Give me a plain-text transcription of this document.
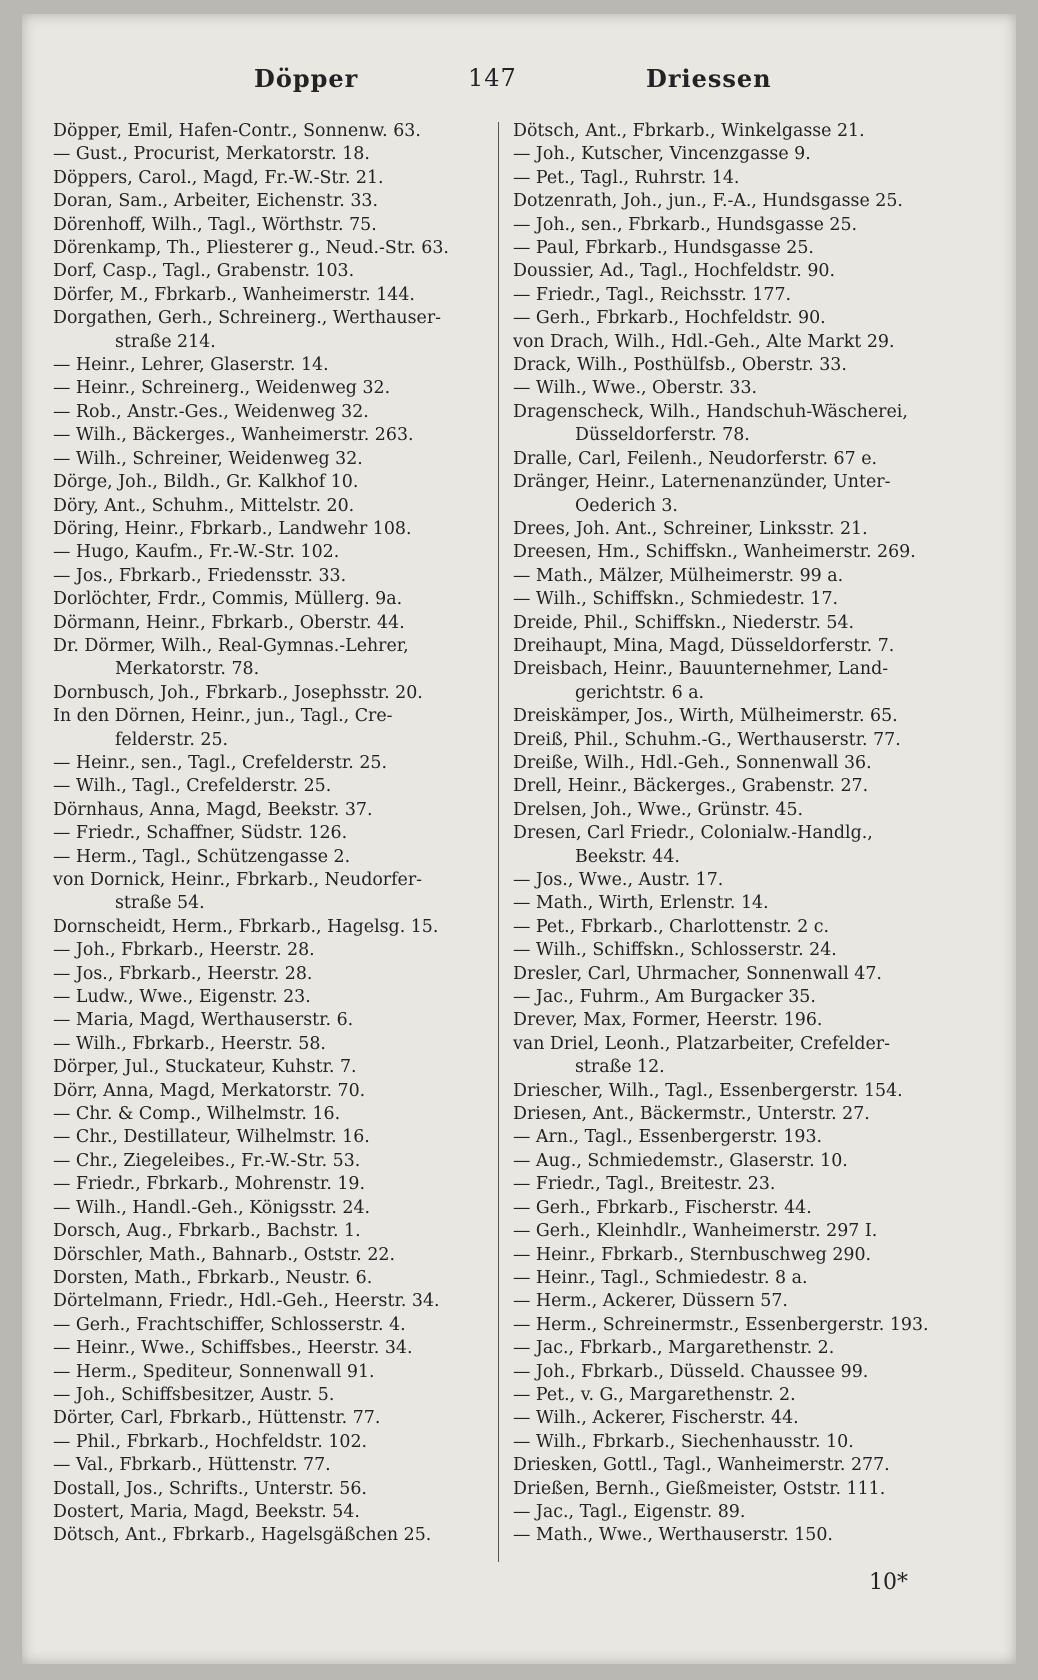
Döpper	147	Driessen
Döpper, Emil, Hafen-Contr., Sonnenw. 63.
— Gust., Procurist, Merkatorstr. 18.
Döppers, Carol., Magd, Fr.-W.-Str. 21.
Doran, Sam., Arbeiter, Eichenstr. 33.
Dörenhoff, Wilh., Tagl., Wörthstr. 75.
Dörenkamp, Th., Pliesterer g., Neud.-Str. 63.
Dorf, Casp., Tagl., Grabenstr. 103.
Dörfer, M., Fbrkarb., Wanheimerstr. 144.
Dorgathen, Gerh., Schreinerg., Werthauser-
straße 214.
— Heinr., Lehrer, Glaserstr. 14.
— Heinr., Schreinerg., Weidenweg 32.
— Rob., Anstr.-Ges., Weidenweg 32.
— Wilh., Bäckerges., Wanheimerstr. 263.
— Wilh., Schreiner, Weidenweg 32.
Dörge, Joh., Bildh., Gr. Kalkhof 10.
Döry, Ant., Schuhm., Mittelstr. 20.
Döring, Heinr., Fbrkarb., Landwehr 108.
— Hugo, Kaufm., Fr.-W.-Str. 102.
— Jos., Fbrkarb., Friedensstr. 33.
Dorlöchter, Frdr., Commis, Müllerg. 9a.
Dörmann, Heinr., Fbrkarb., Oberstr. 44.
Dr. Dörmer, Wilh., Real-Gymnas.-Lehrer,
Merkatorstr. 78.
Dornbusch, Joh., Fbrkarb., Josephsstr. 20.
In den Dörnen, Heinr., jun., Tagl., Cre-
felderstr. 25.
— Heinr., sen., Tagl., Crefelderstr. 25.
— Wilh., Tagl., Crefelderstr. 25.
Dörnhaus, Anna, Magd, Beekstr. 37.
— Friedr., Schaffner, Südstr. 126.
— Herm., Tagl., Schützengasse 2.
von Dornick, Heinr., Fbrkarb., Neudorfer-
straße 54.
Dornscheidt, Herm., Fbrkarb., Hagelsg. 15.
— Joh., Fbrkarb., Heerstr. 28.
— Jos., Fbrkarb., Heerstr. 28.
— Ludw., Wwe., Eigenstr. 23.
— Maria, Magd, Werthauserstr. 6.
— Wilh., Fbrkarb., Heerstr. 58.
Dörper, Jul., Stuckateur, Kuhstr. 7.
Dörr, Anna, Magd, Merkatorstr. 70.
— Chr. & Comp., Wilhelmstr. 16.
— Chr., Destillateur, Wilhelmstr. 16.
— Chr., Ziegeleibes., Fr.-W.-Str. 53.
— Friedr., Fbrkarb., Mohrenstr. 19.
— Wilh., Handl.-Geh., Königsstr. 24.
Dorsch, Aug., Fbrkarb., Bachstr. 1.
Dörschler, Math., Bahnarb., Oststr. 22.
Dorsten, Math., Fbrkarb., Neustr. 6.
Dörtelmann, Friedr., Hdl.-Geh., Heerstr. 34.
— Gerh., Frachtschiffer, Schlosserstr. 4.
— Heinr., Wwe., Schiffsbes., Heerstr. 34.
— Herm., Spediteur, Sonnenwall 91.
— Joh., Schiffsbesitzer, Austr. 5.
Dörter, Carl, Fbrkarb., Hüttenstr. 77.
— Phil., Fbrkarb., Hochfeldstr. 102.
— Val., Fbrkarb., Hüttenstr. 77.
Dostall, Jos., Schrifts., Unterstr. 56.
Dostert, Maria, Magd, Beekstr. 54.
Dötsch, Ant., Fbrkarb., Hagelsgäßchen 25.
Dötsch, Ant., Fbrkarb., Winkelgasse 21.
— Joh., Kutscher, Vincenzgasse 9.
— Pet., Tagl., Ruhrstr. 14.
Dotzenrath, Joh., jun., F.-A., Hundsgasse 25.
— Joh., sen., Fbrkarb., Hundsgasse 25.
— Paul, Fbrkarb., Hundsgasse 25.
Doussier, Ad., Tagl., Hochfeldstr. 90.
— Friedr., Tagl., Reichsstr. 177.
— Gerh., Fbrkarb., Hochfeldstr. 90.
von Drach, Wilh., Hdl.-Geh., Alte Markt 29.
Drack, Wilh., Posthülfsb., Oberstr. 33.
— Wilh., Wwe., Oberstr. 33.
Dragenscheck, Wilh., Handschuh-Wäscherei,
Düsseldorferstr. 78.
Dralle, Carl, Feilenh., Neudorferstr. 67 e.
Dränger, Heinr., Laternenanzünder, Unter-
Oederich 3.
Drees, Joh. Ant., Schreiner, Linksstr. 21.
Dreesen, Hm., Schiffskn., Wanheimerstr. 269.
— Math., Mälzer, Mülheimerstr. 99 a.
— Wilh., Schiffskn., Schmiedestr. 17.
Dreide, Phil., Schiffskn., Niederstr. 54.
Dreihaupt, Mina, Magd, Düsseldorferstr. 7.
Dreisbach, Heinr., Bauunternehmer, Land-
gerichtstr. 6 a.
Dreiskämper, Jos., Wirth, Mülheimerstr. 65.
Dreiß, Phil., Schuhm.-G., Werthauserstr. 77.
Dreiße, Wilh., Hdl.-Geh., Sonnenwall 36.
Drell, Heinr., Bäckerges., Grabenstr. 27.
Drelsen, Joh., Wwe., Grünstr. 45.
Dresen, Carl Friedr., Colonialw.-Handlg.,
Beekstr. 44.
— Jos., Wwe., Austr. 17.
— Math., Wirth, Erlenstr. 14.
— Pet., Fbrkarb., Charlottenstr. 2 c.
— Wilh., Schiffskn., Schlosserstr. 24.
Dresler, Carl, Uhrmacher, Sonnenwall 47.
— Jac., Fuhrm., Am Burgacker 35.
Drever, Max, Former, Heerstr. 196.
van Driel, Leonh., Platzarbeiter, Crefelder-
straße 12.
Driescher, Wilh., Tagl., Essenbergerstr. 154.
Driesen, Ant., Bäckermstr., Unterstr. 27.
— Arn., Tagl., Essenbergerstr. 193.
— Aug., Schmiedemstr., Glaserstr. 10.
— Friedr., Tagl., Breitestr. 23.
— Gerh., Fbrkarb., Fischerstr. 44.
— Gerh., Kleinhdlr., Wanheimerstr. 297 I.
— Heinr., Fbrkarb., Sternbuschweg 290.
— Heinr., Tagl., Schmiedestr. 8 a.
— Herm., Ackerer, Düssern 57.
— Herm., Schreinermstr., Essenbergerstr. 193.
— Jac., Fbrkarb., Margarethenstr. 2.
— Joh., Fbrkarb., Düsseld. Chaussee 99.
— Pet., v. G., Margarethenstr. 2.
— Wilh., Ackerer, Fischerstr. 44.
— Wilh., Fbrkarb., Siechenhausstr. 10.
Driesken, Gottl., Tagl., Wanheimerstr. 277.
Drießen, Bernh., Gießmeister, Oststr. 111.
— Jac., Tagl., Eigenstr. 89.
— Math., Wwe., Werthauserstr. 150.
10*
